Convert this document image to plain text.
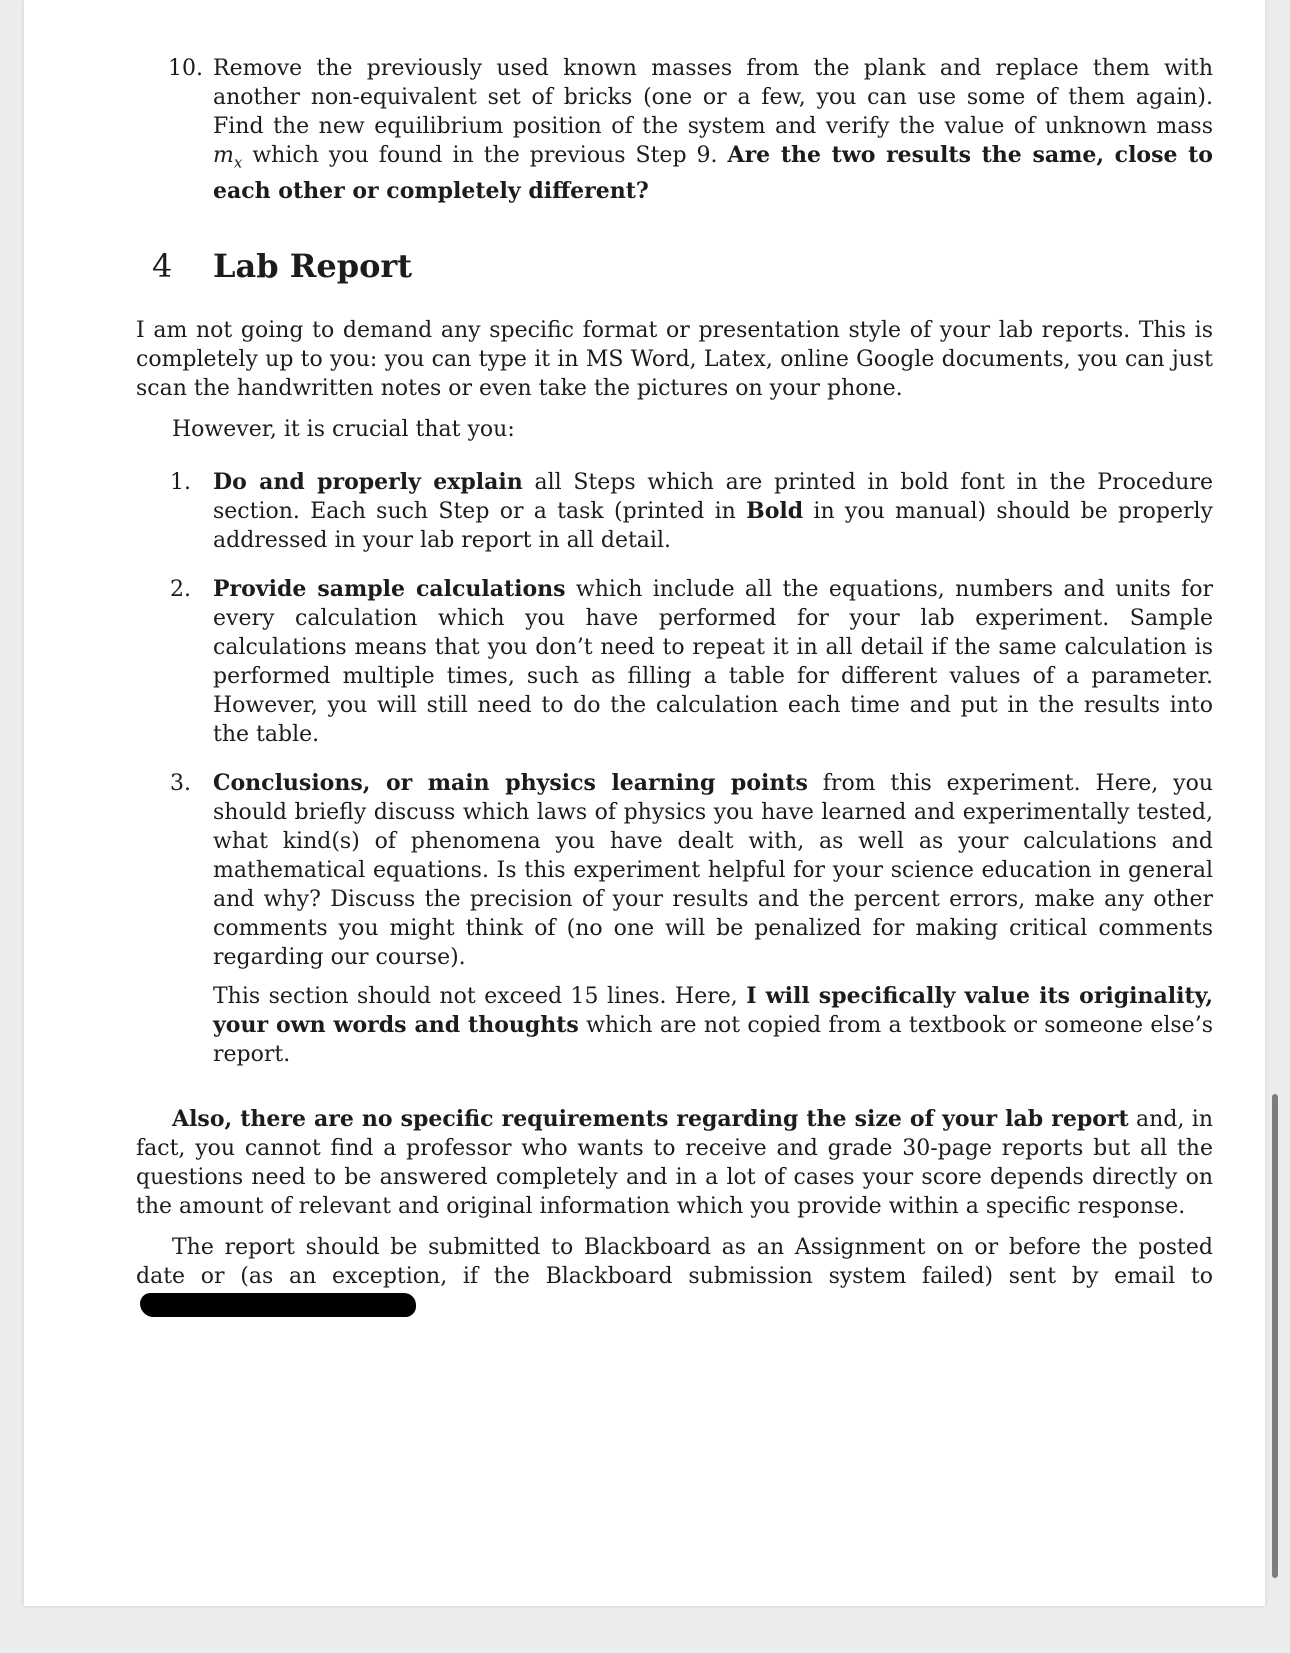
10. Remove the previously used known masses from the plank and replace them with another non-equivalent set of bricks (one or a few, you can use some of them again). Find the new equilibrium position of the system and verify the value of unknown mass $m_x$ which you found in the previous Step 9. Are the two results the same, close to each other or completely different?
4	Lab Report
I am not going to demand any specific format or presentation style of your lab reports. This is completely up to you: you can type it in MS Word, Latex, online Google documents, you can just scan the handwritten notes or even take the pictures on your phone.
However, it is crucial that you:
1. Do and properly explain all Steps which are printed in bold font in the Procedure section. Each such Step or a task (printed in Bold in you manual) should be properly addressed in your lab report in all detail.
2. Provide sample calculations which include all the equations, numbers and units for every calculation which you have performed for your lab experiment. Sample calculations means that you don’t need to repeat it in all detail if the same calculation is performed multiple times, such as filling a table for different values of a parameter. However, you will still need to do the calculation each time and put in the results into the table.
3. Conclusions, or main physics learning points from this experiment. Here, you should briefly discuss which laws of physics you have learned and experimentally tested, what kind(s) of phenomena you have dealt with, as well as your calculations and mathematical equations. Is this experiment helpful for your science education in general and why? Discuss the precision of your results and the percent errors, make any other comments you might think of (no one will be penalized for making critical comments regarding our course).
This section should not exceed 15 lines. Here, I will specifically value its originality, your own words and thoughts which are not copied from a textbook or someone else’s report.
Also, there are no specific requirements regarding the size of your lab report and, in fact, you cannot find a professor who wants to receive and grade 30-page reports but all the questions need to be answered completely and in a lot of cases your score depends directly on the amount of relevant and original information which you provide within a specific response.
The report should be submitted to Blackboard as an Assignment on or before the posted date or (as an exception, if the Blackboard submission system failed) sent by email to
